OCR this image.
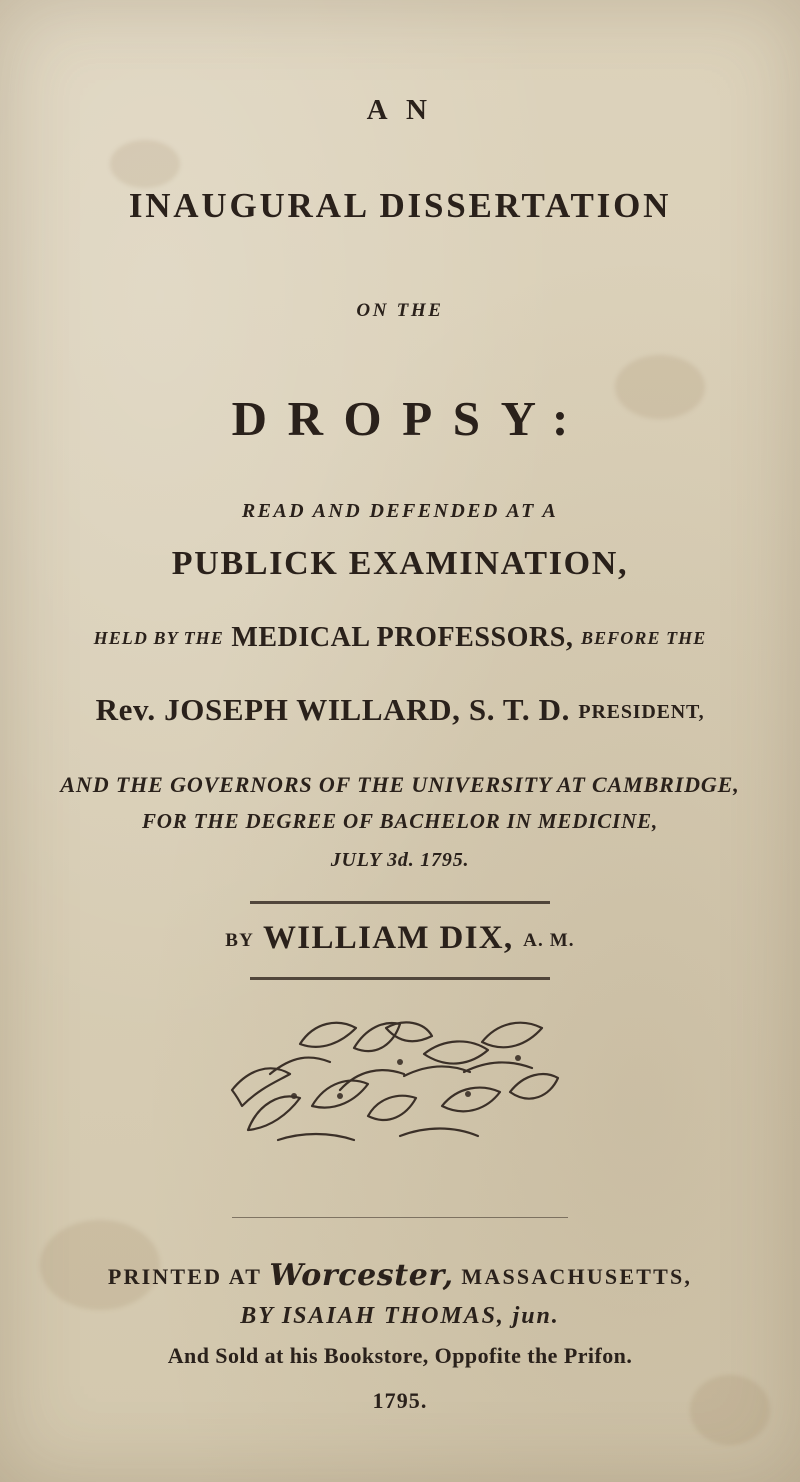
A N
INAUGURAL DISSERTATION
ON THE
DROPSY:
READ AND DEFENDED AT A
PUBLICK EXAMINATION,
HELD BY THE MEDICAL PROFESSORS, BEFORE THE
Rev. JOSEPH WILLARD, S. T. D. PRESIDENT,
AND THE GOVERNORS OF THE UNIVERSITY AT CAMBRIDGE,
FOR THE DEGREE OF BACHELOR IN MEDICINE,
JULY 3d. 1795.
BY WILLIAM DIX, A. M.
PRINTED AT Worcester, MASSACHUSETTS,
BY ISAIAH THOMAS, jun.
And Sold at his Bookstore, Oppofite the Prifon.
1795.
